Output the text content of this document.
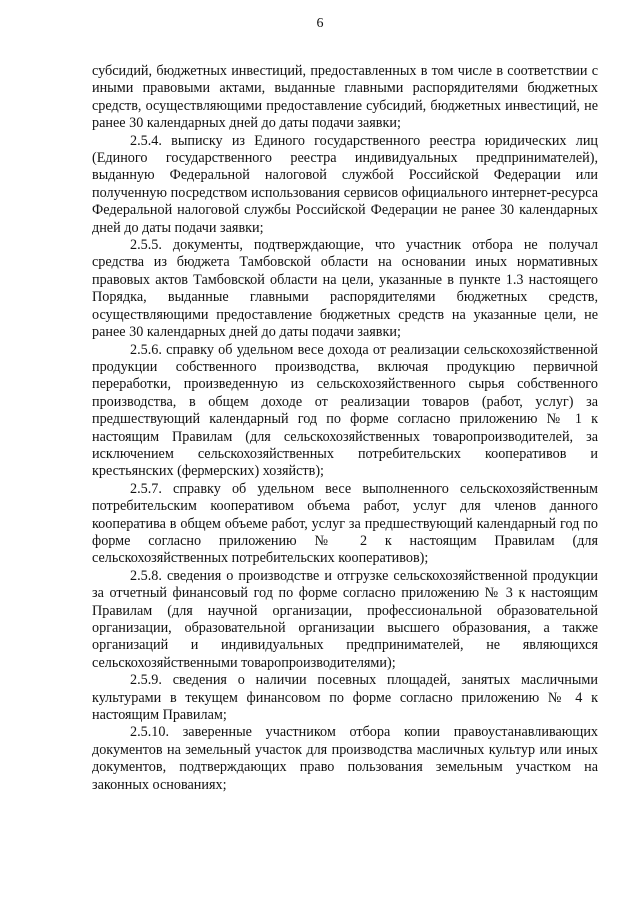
6

субсидий, бюджетных инвестиций, предоставленных в том числе в соответствии с иными правовыми актами, выданные главными распорядителями бюджетных средств, осуществляющими предоставление субсидий, бюджетных инвестиций, не ранее 30 календарных дней до даты подачи заявки;

2.5.4. выписку из Единого государственного реестра юридических лиц (Единого государственного реестра индивидуальных предпринимателей), выданную Федеральной налоговой службой Российской Федерации или полученную посредством использования сервисов официального интернет-ресурса Федеральной налоговой службы Российской Федерации не ранее 30 календарных дней до даты подачи заявки;

2.5.5. документы, подтверждающие, что участник отбора не получал средства из бюджета Тамбовской области на основании иных нормативных правовых актов Тамбовской области на цели, указанные в пункте 1.3 настоящего Порядка, выданные главными распорядителями бюджетных средств, осуществляющими предоставление бюджетных средств на указанные цели, не ранее 30 календарных дней до даты подачи заявки;

2.5.6. справку об удельном весе дохода от реализации сельскохозяйственной продукции собственного производства, включая продукцию первичной переработки, произведенную из сельскохозяйственного сырья собственного производства, в общем доходе от реализации товаров (работ, услуг) за предшествующий календарный год по форме согласно приложению № 1 к настоящим Правилам (для сельскохозяйственных товаропроизводителей, за исключением сельскохозяйственных потребительских кооперативов и крестьянских (фермерских) хозяйств);

2.5.7. справку об удельном весе выполненного сельскохозяйственным потребительским кооперативом объема работ, услуг для членов данного кооператива в общем объеме работ, услуг за предшествующий календарный год по форме согласно приложению № 2 к настоящим Правилам (для сельскохозяйственных потребительских кооперативов);

2.5.8. сведения о производстве и отгрузке сельскохозяйственной продукции за отчетный финансовый год по форме согласно приложению № 3 к настоящим Правилам (для научной организации, профессиональной образовательной организации, образовательной организации высшего образования, а также организаций и индивидуальных предпринимателей, не являющихся сельскохозяйственными товаропроизводителями);

2.5.9. сведения о наличии посевных площадей, занятых масличными культурами в текущем финансовом по форме согласно приложению № 4 к настоящим Правилам;

2.5.10. заверенные участником отбора копии правоустанавливающих документов на земельный участок для производства масличных культур или иных документов, подтверждающих право пользования земельным участком на законных основаниях;
